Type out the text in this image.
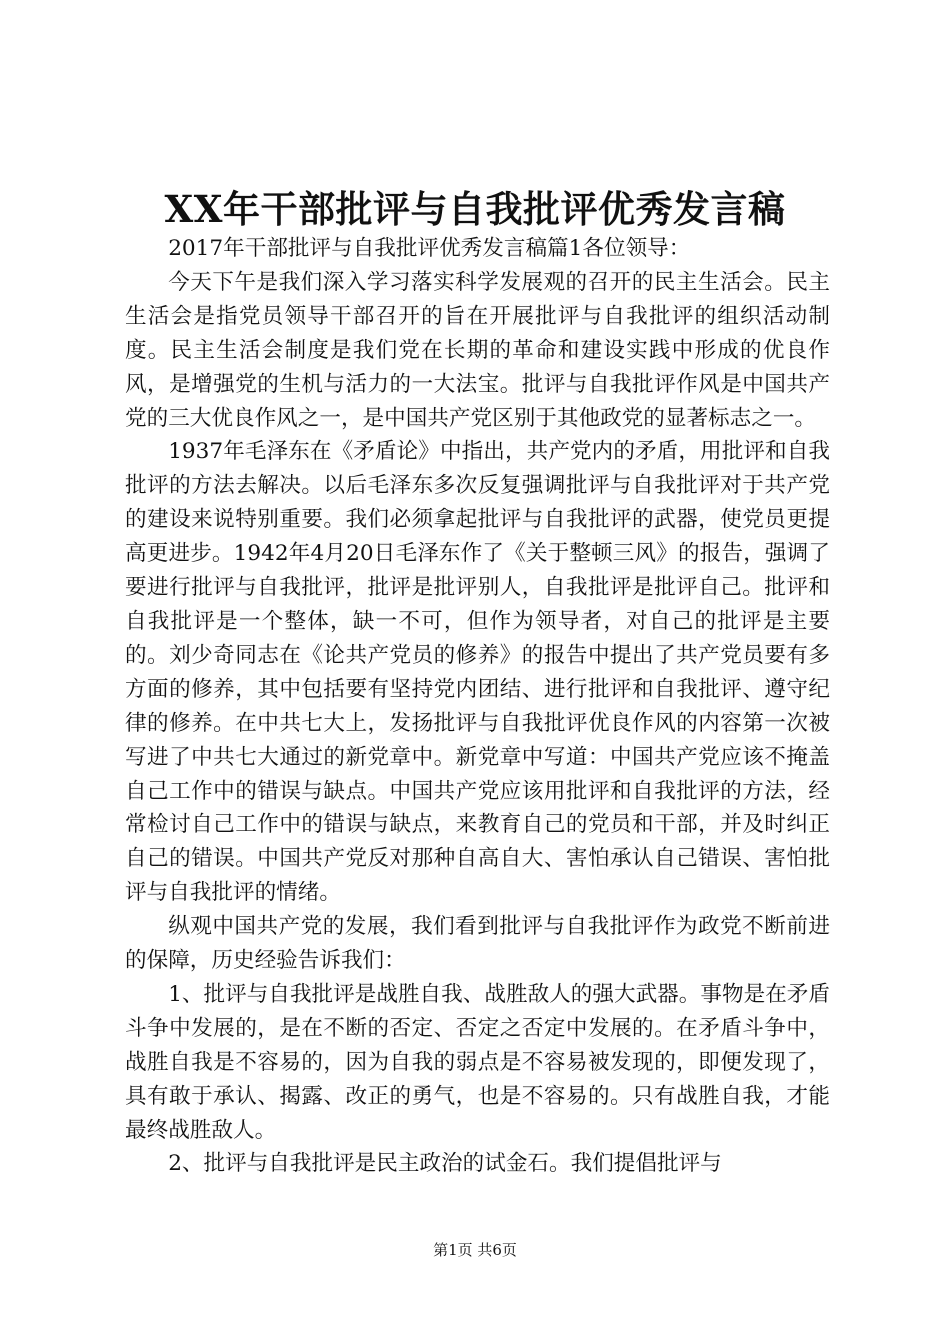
XX年干部批评与自我批评优秀发言稿

2017年干部批评与自我批评优秀发言稿篇1各位领导：

今天下午是我们深入学习落实科学发展观的召开的民主生活会。民主生活会是指党员领导干部召开的旨在开展批评与自我批评的组织活动制度。民主生活会制度是我们党在长期的革命和建设实践中形成的优良作风，是增强党的生机与活力的一大法宝。批评与自我批评作风是中国共产党的三大优良作风之一，是中国共产党区别于其他政党的显著标志之一。

1937年毛泽东在《矛盾论》中指出，共产党内的矛盾，用批评和自我批评的方法去解决。以后毛泽东多次反复强调批评与自我批评对于共产党的建设来说特别重要。我们必须拿起批评与自我批评的武器，使党员更提高更进步。1942年4月20日毛泽东作了《关于整顿三风》的报告，强调了要进行批评与自我批评，批评是批评别人，自我批评是批评自己。批评和自我批评是一个整体，缺一不可，但作为领导者，对自己的批评是主要的。刘少奇同志在《论共产党员的修养》的报告中提出了共产党员要有多方面的修养，其中包括要有坚持党内团结、进行批评和自我批评、遵守纪律的修养。在中共七大上，发扬批评与自我批评优良作风的内容第一次被写进了中共七大通过的新党章中。新党章中写道：中国共产党应该不掩盖自己工作中的错误与缺点。中国共产党应该用批评和自我批评的方法，经常检讨自己工作中的错误与缺点，来教育自己的党员和干部，并及时纠正自己的错误。中国共产党反对那种自高自大、害怕承认自己错误、害怕批评与自我批评的情绪。

纵观中国共产党的发展，我们看到批评与自我批评作为政党不断前进的保障，历史经验告诉我们：

1、批评与自我批评是战胜自我、战胜敌人的强大武器。事物是在矛盾斗争中发展的，是在不断的否定、否定之否定中发展的。在矛盾斗争中，战胜自我是不容易的，因为自我的弱点是不容易被发现的，即便发现了，具有敢于承认、揭露、改正的勇气，也是不容易的。只有战胜自我，才能最终战胜敌人。

2、批评与自我批评是民主政治的试金石。我们提倡批评与

第1页 共6页
